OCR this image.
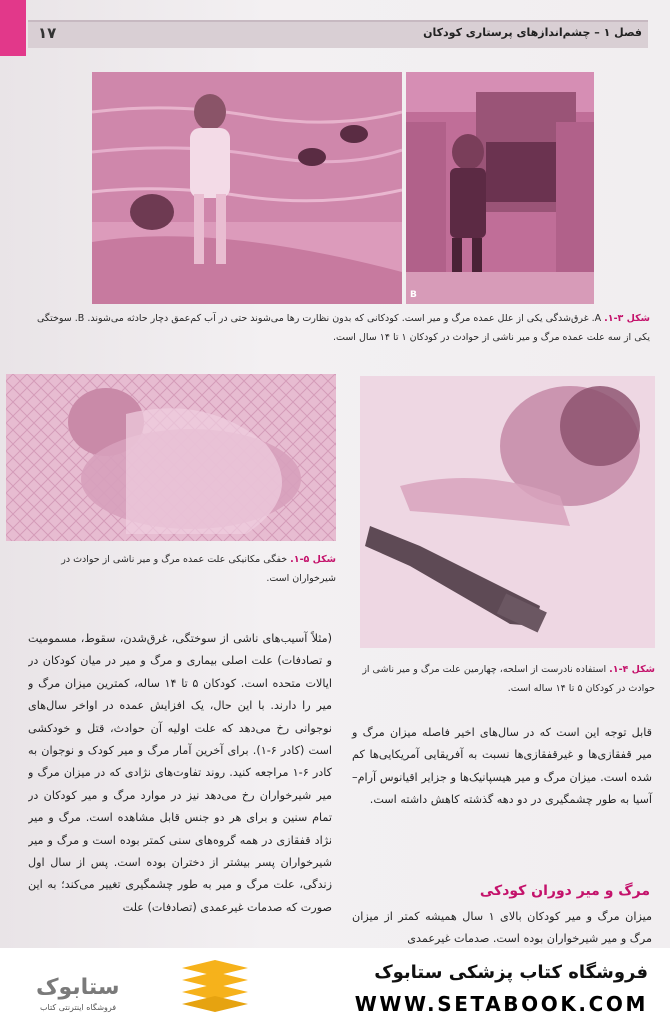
۱۷	فصل ۱ – چشم‌اندازهای پرستاری کودکان
B
شکل ۳-۱. A. غرق‌شدگی یکی از علل عمده مرگ و میر است. کودکانی که بدون نظارت رها می‌شوند حتی در آب کم‌عمق دچار حادثه می‌شوند. B. سوختگی یکی از سه علت عمده مرگ و میر ناشی از حوادث در کودکان ۱ تا ۱۴ سال است.
شکل ۵-۱. خفگی مکانیکی علت عمده مرگ و میر ناشی از حوادث در شیرخواران است.
شکل ۴-۱. استفاده نادرست از اسلحه، چهارمین علت مرگ و میر ناشی از حوادث در کودکان ۵ تا ۱۴ ساله است.
(مثلاً آسیب‌های ناشی از سوختگی، غرق‌شدن، سقوط، مسمومیت و تصادفات) علت اصلی بیماری و مرگ و میر در میان کودکان در ایالات متحده است. کودکان ۵ تا ۱۴ ساله، کمترین میزان مرگ و میر را دارند. با این حال، یک افزایش عمده در اواخر سال‌های نوجوانی رخ می‌دهد که علت اولیه آن حوادث، قتل و خودکشی است (کادر ۶-۱). برای آخرین آمار مرگ و میر کودک و نوجوان به کادر ۶-۱ مراجعه کنید. روند تفاوت‌های نژادی که در میزان مرگ و میر شیرخواران رخ می‌دهد نیز در موارد مرگ و میر کودکان در تمام سنین و برای هر دو جنس قابل مشاهده است. مرگ و میر نژاد قفقازی در همه گروه‌های سنی کمتر بوده است و مرگ و میر شیرخواران پسر بیشتر از دختران بوده است. پس از سال اول زندگی، علت مرگ و میر به طور چشمگیری تغییر می‌کند؛ به این صورت که صدمات غیرعمدی (تصادفات) علت
قابل توجه این است که در سال‌های اخیر فاصله میزان مرگ و میر قفقازی‌ها و غیرقفقازی‌ها نسبت به آفریقایی آمریکایی‌ها کم شده است. میزان مرگ و میر هیسپانیک‌ها و جزایر اقیانوس آرام–آسیا به طور چشمگیری در دو دهه گذشته کاهش داشته است.
مرگ و میر دوران کودکی
میزان مرگ و میر کودکان بالای ۱ سال همیشه کمتر از میزان مرگ و میر شیرخواران بوده است. صدمات غیرعمدی
ستابوک
فروشگاه اینترنتی کتاب
فروشگاه کتاب پزشکی ستابوک
WWW.SETABOOK.COM
